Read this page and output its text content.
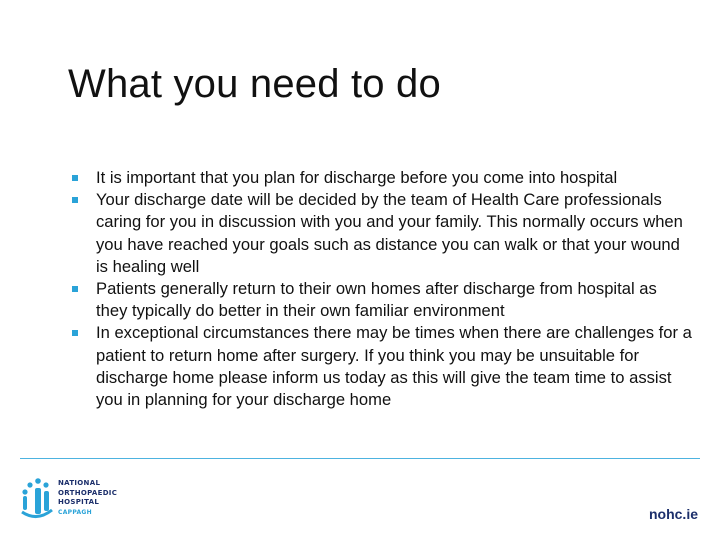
What you need to do
It is important that you plan for discharge before you come into hospital
Your discharge date will be decided by the team of Health Care professionals caring for you in discussion with you and your family. This normally occurs when you have reached your goals such as distance you can walk or that your wound is healing well
Patients generally return to their own homes after discharge from hospital as they typically do better in their own familiar environment
In exceptional circumstances there may be times when there are challenges for a patient to return home after surgery. If you think you may be unsuitable for discharge home please inform us today as this will give the team time to assist you in planning for your discharge home
NATIONAL
ORTHOPAEDIC
HOSPITAL
CAPPAGH	nohc.ie
